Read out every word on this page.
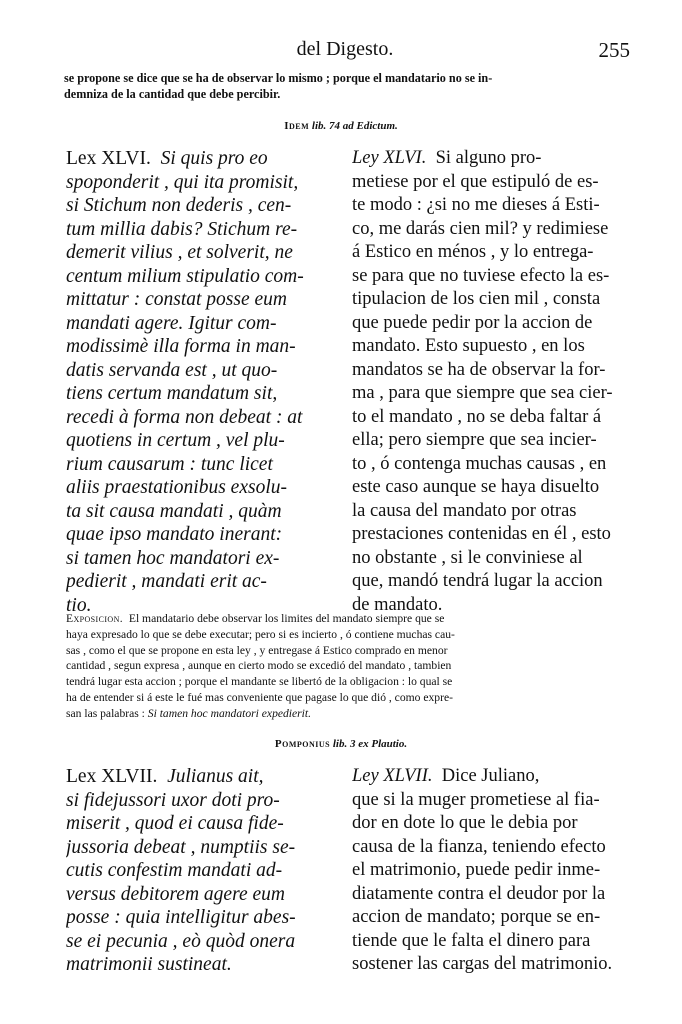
del Digesto.	255
se propone se dice que se ha de observar lo mismo ; porque el mandatario no se in-
demniza de la cantidad que debe percibir.
Idem lib. 74 ad Edictum.
Lex XLVI. Si quis pro eo
spoponderit , qui ita promisit,
si Stichum non dederis , cen-
tum millia dabis? Stichum re-
demerit vilius , et solverit, ne
centum milium stipulatio com-
mittatur : constat posse eum
mandati agere. Igitur com-
modissimè illa forma in man-
datis servanda est , ut quo-
tiens certum mandatum sit,
recedi à forma non debeat : at
quotiens in certum , vel plu-
rium causarum : tunc licet
aliis praestationibus exsolu-
ta sit causa mandati , quàm
quae ipso mandato inerant:
si tamen hoc mandatori ex-
pedierit , mandati erit ac-
tio.
Ley XLVI. Si alguno pro-
metiese por el que estipuló de es-
te modo : ¿si no me dieses á Esti-
co, me darás cien mil? y redimiese
á Estico en ménos , y lo entrega-
se para que no tuviese efecto la es-
tipulacion de los cien mil , consta
que puede pedir por la accion de
mandato. Esto supuesto , en los
mandatos se ha de observar la for-
ma , para que siempre que sea cier-
to el mandato , no se deba faltar á
ella; pero siempre que sea incier-
to , ó contenga muchas causas , en
este caso aunque se haya disuelto
la causa del mandato por otras
prestaciones contenidas en él , esto
no obstante , si le conviniese al
que, mandó tendrá lugar la accion
de mandato.
Exposicion. El mandatario debe observar los limites del mandato siempre que se
haya expresado lo que se debe executar; pero si es incierto , ó contiene muchas cau-
sas , como el que se propone en esta ley , y entregase á Estico comprado en menor
cantidad , segun expresa , aunque en cierto modo se excedió del mandato , tambien
tendrá lugar esta accion ; porque el mandante se libertó de la obligacion : lo qual se
ha de entender si á este le fué mas conveniente que pagase lo que dió , como expre-
san las palabras : Si tamen hoc mandatori expedierit.
Pomponius lib. 3 ex Plautio.
Lex XLVII. Julianus ait,
si fidejussori uxor doti pro-
miserit , quod ei causa fide-
jussoria debeat , numptiis se-
cutis confestim mandati ad-
versus debitorem agere eum
posse : quia intelligitur abes-
se ei pecunia , eò quòd onera
matrimonii sustineat.
Ley XLVII. Dice Juliano,
que si la muger prometiese al fia-
dor en dote lo que le debia por
causa de la fianza, teniendo efecto
el matrimonio, puede pedir inme-
diatamente contra el deudor por la
accion de mandato; porque se en-
tiende que le falta el dinero para
sostener las cargas del matrimonio.
